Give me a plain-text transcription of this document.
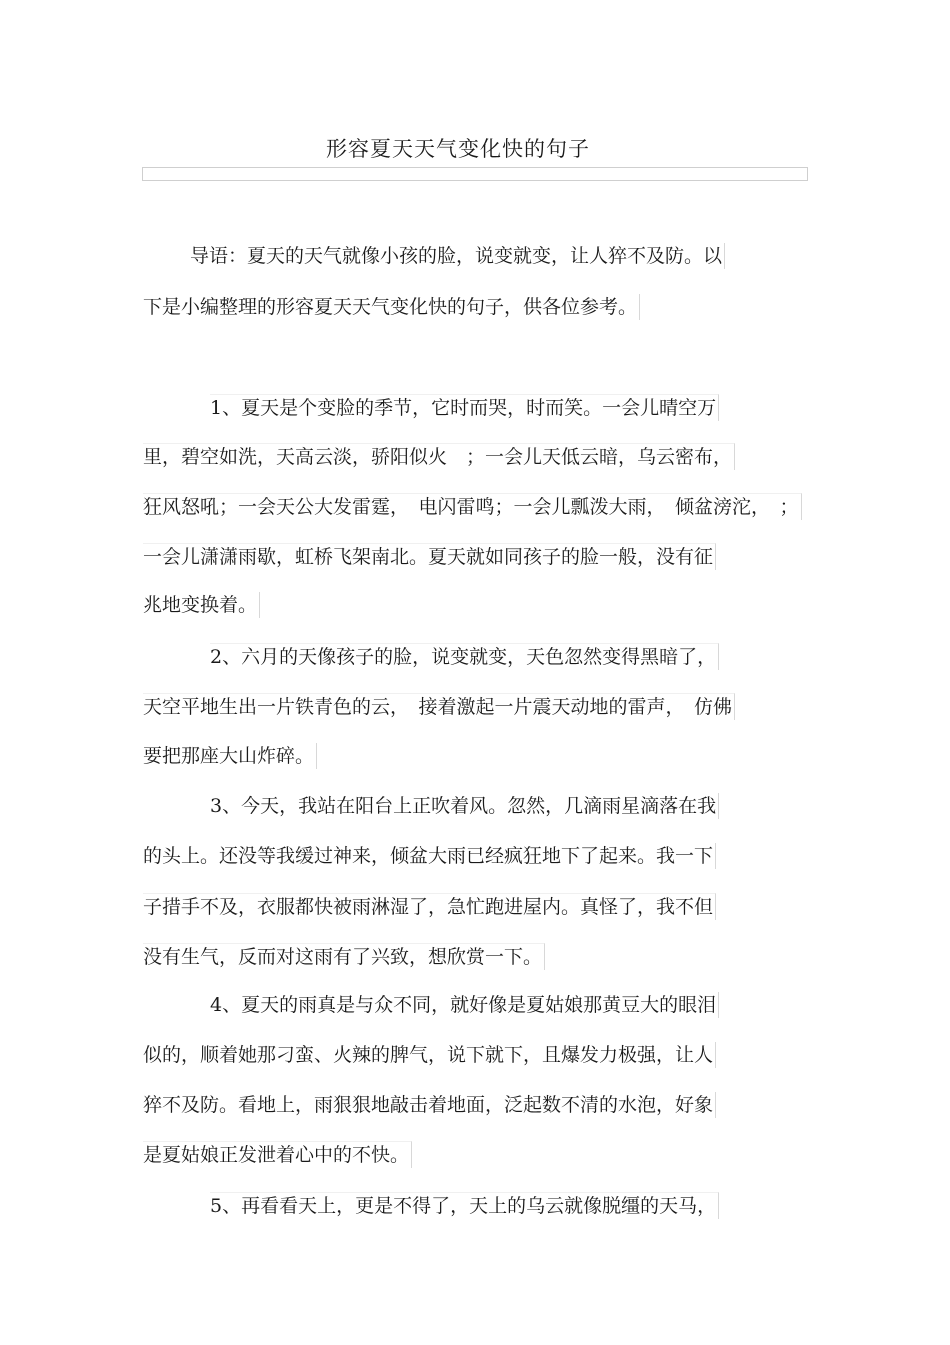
形容夏天天气变化快的句子
导语：夏天的天气就像小孩的脸，说变就变，让人猝不及防。以
下是小编整理的形容夏天天气变化快的句子，供各位参考。
1、夏天是个变脸的季节，它时而哭，时而笑。一会儿晴空万
里，碧空如洗，天高云淡，骄阳似火　；一会儿天低云暗，乌云密布，
狂风怒吼；一会天公大发雷霆，　电闪雷鸣；一会儿瓢泼大雨，　倾盆滂沱，　；
一会儿潇潇雨歇，虹桥飞架南北。夏天就如同孩子的脸一般，没有征
兆地变换着。
2、六月的天像孩子的脸，说变就变，天色忽然变得黑暗了，
天空平地生出一片铁青色的云，　接着激起一片震天动地的雷声，　仿佛
要把那座大山炸碎。
3、今天，我站在阳台上正吹着风。忽然，几滴雨星滴落在我
的头上。还没等我缓过神来，倾盆大雨已经疯狂地下了起来。我一下
子措手不及，衣服都快被雨淋湿了，急忙跑进屋内。真怪了，我不但
没有生气，反而对这雨有了兴致，想欣赏一下。
4、夏天的雨真是与众不同，就好像是夏姑娘那黄豆大的眼泪
似的，顺着她那刁蛮、火辣的脾气，说下就下，且爆发力极强，让人
猝不及防。看地上，雨狠狠地敲击着地面，泛起数不清的水泡，好象
是夏姑娘正发泄着心中的不快。
5、再看看天上，更是不得了，天上的乌云就像脱缰的天马，
